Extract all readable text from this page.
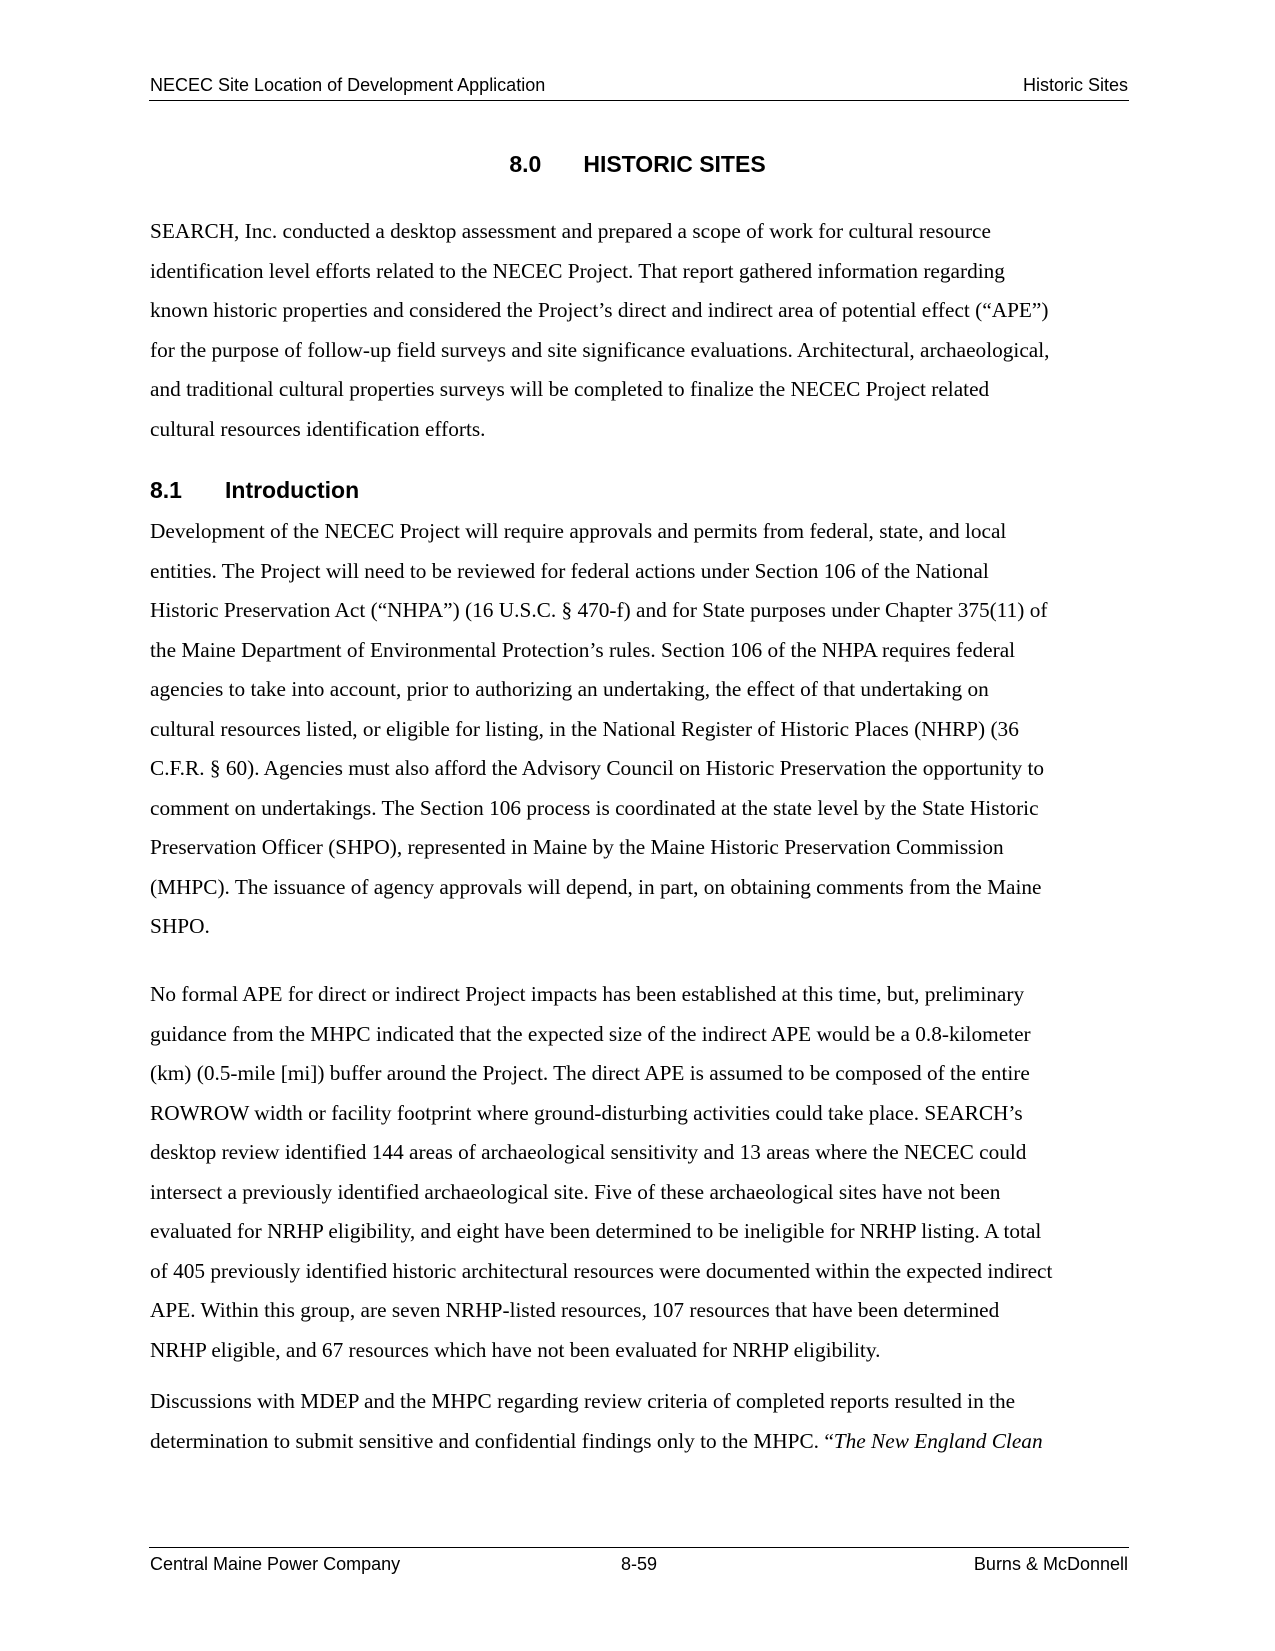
NECEC Site Location of Development Application	Historic Sites
8.0 HISTORIC SITES
SEARCH, Inc. conducted a desktop assessment and prepared a scope of work for cultural resource
identification level efforts related to the NECEC Project. That report gathered information regarding
known historic properties and considered the Project’s direct and indirect area of potential effect (“APE”)
for the purpose of follow-up field surveys and site significance evaluations. Architectural, archaeological,
and traditional cultural properties surveys will be completed to finalize the NECEC Project related
cultural resources identification efforts.
8.1 Introduction
Development of the NECEC Project will require approvals and permits from federal, state, and local
entities. The Project will need to be reviewed for federal actions under Section 106 of the National
Historic Preservation Act (“NHPA”) (16 U.S.C. § 470-f) and for State purposes under Chapter 375(11) of
the Maine Department of Environmental Protection’s rules. Section 106 of the NHPA requires federal
agencies to take into account, prior to authorizing an undertaking, the effect of that undertaking on
cultural resources listed, or eligible for listing, in the National Register of Historic Places (NHRP) (36
C.F.R. § 60). Agencies must also afford the Advisory Council on Historic Preservation the opportunity to
comment on undertakings. The Section 106 process is coordinated at the state level by the State Historic
Preservation Officer (SHPO), represented in Maine by the Maine Historic Preservation Commission
(MHPC). The issuance of agency approvals will depend, in part, on obtaining comments from the Maine
SHPO.
No formal APE for direct or indirect Project impacts has been established at this time, but, preliminary
guidance from the MHPC indicated that the expected size of the indirect APE would be a 0.8-kilometer
(km) (0.5-mile [mi]) buffer around the Project. The direct APE is assumed to be composed of the entire
ROWROW width or facility footprint where ground-disturbing activities could take place. SEARCH’s
desktop review identified 144 areas of archaeological sensitivity and 13 areas where the NECEC could
intersect a previously identified archaeological site. Five of these archaeological sites have not been
evaluated for NRHP eligibility, and eight have been determined to be ineligible for NRHP listing. A total
of 405 previously identified historic architectural resources were documented within the expected indirect
APE. Within this group, are seven NRHP-listed resources, 107 resources that have been determined
NRHP eligible, and 67 resources which have not been evaluated for NRHP eligibility.
Discussions with MDEP and the MHPC regarding review criteria of completed reports resulted in the
determination to submit sensitive and confidential findings only to the MHPC. “The New England Clean
Central Maine Power Company	8-59	Burns & McDonnell
